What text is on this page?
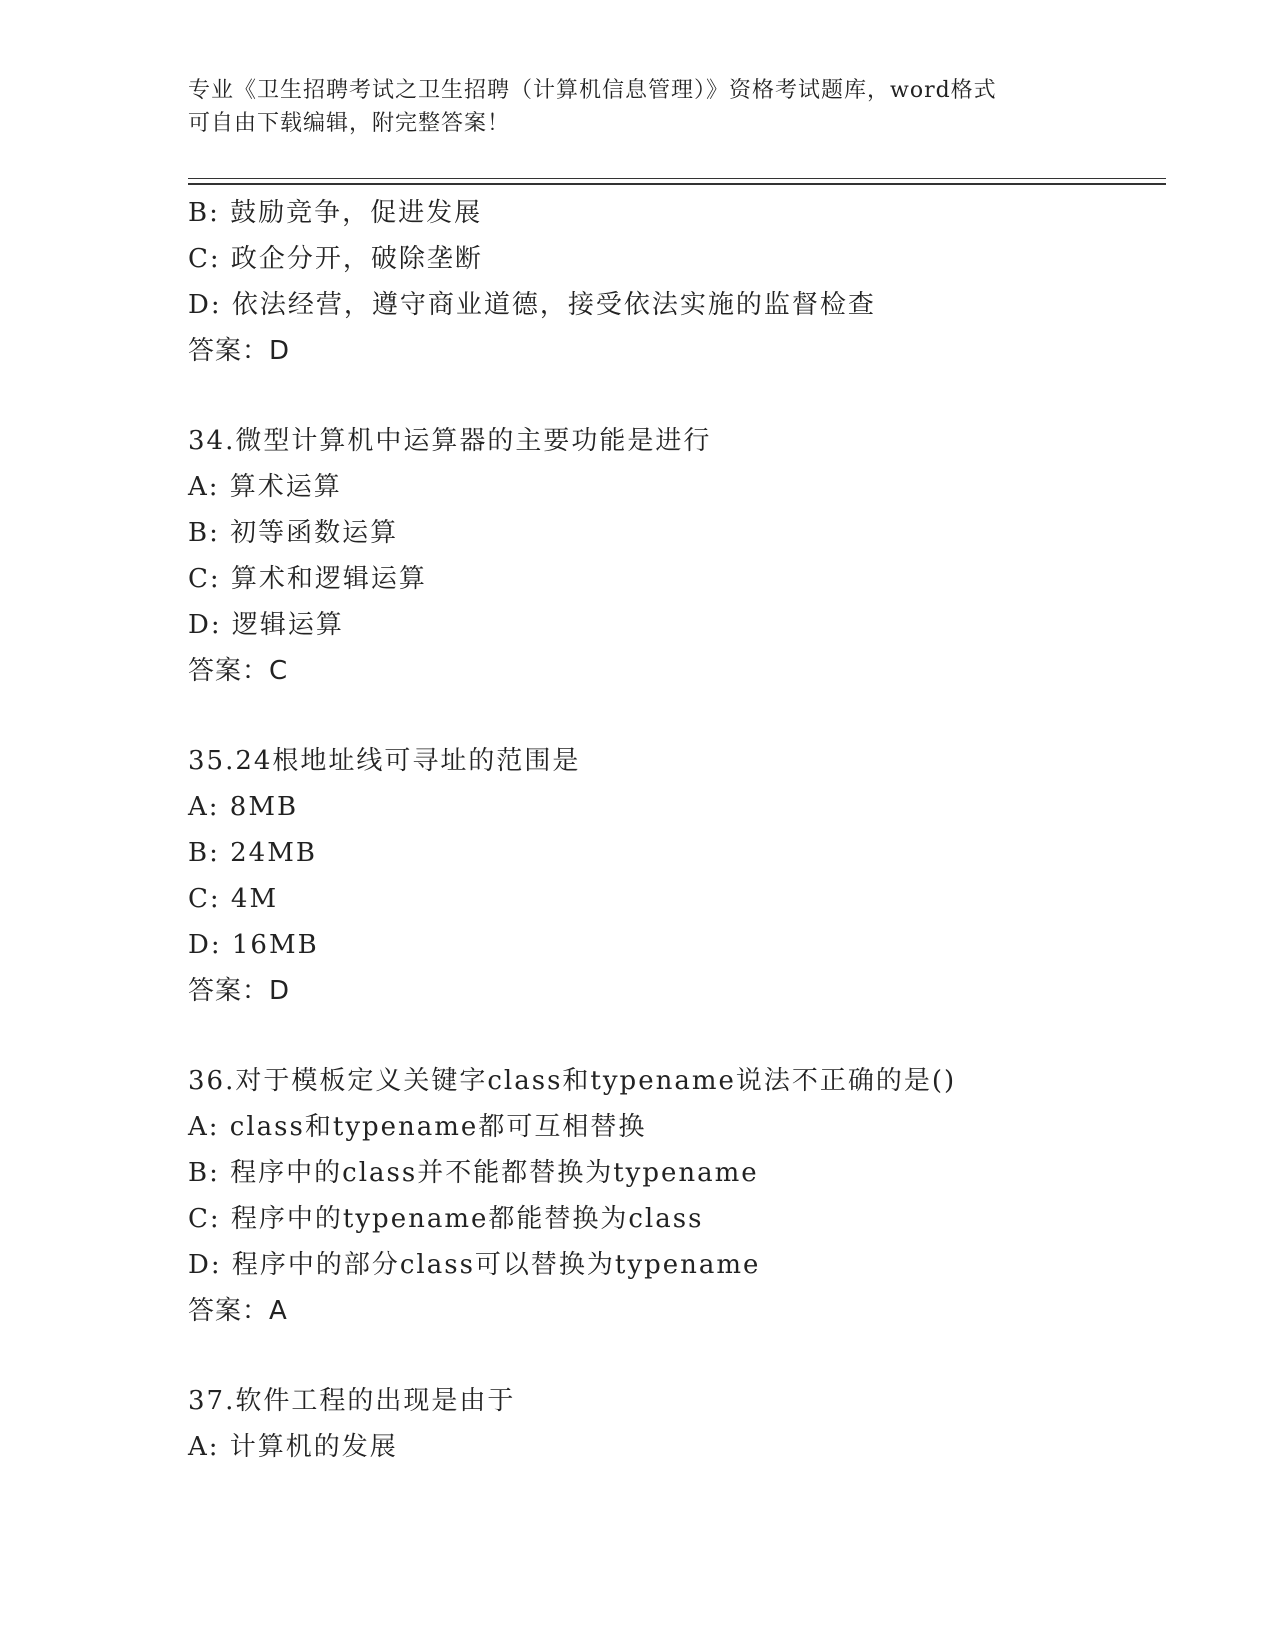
专业《卫生招聘考试之卫生招聘（计算机信息管理）》资格考试题库，word格式
可自由下载编辑，附完整答案！
B: 鼓励竞争，促进发展
C: 政企分开，破除垄断
D: 依法经营，遵守商业道德，接受依法实施的监督检查
答案：D
34.微型计算机中运算器的主要功能是进行
A: 算术运算
B: 初等函数运算
C: 算术和逻辑运算
D: 逻辑运算
答案：C
35.24根地址线可寻址的范围是
A: 8MB
B: 24MB
C: 4M
D: 16MB
答案：D
36.对于模板定义关键字class和typename说法不正确的是()
A: class和typename都可互相替换
B: 程序中的class并不能都替换为typename
C: 程序中的typename都能替换为class
D: 程序中的部分class可以替换为typename
答案：A
37.软件工程的出现是由于
A: 计算机的发展
